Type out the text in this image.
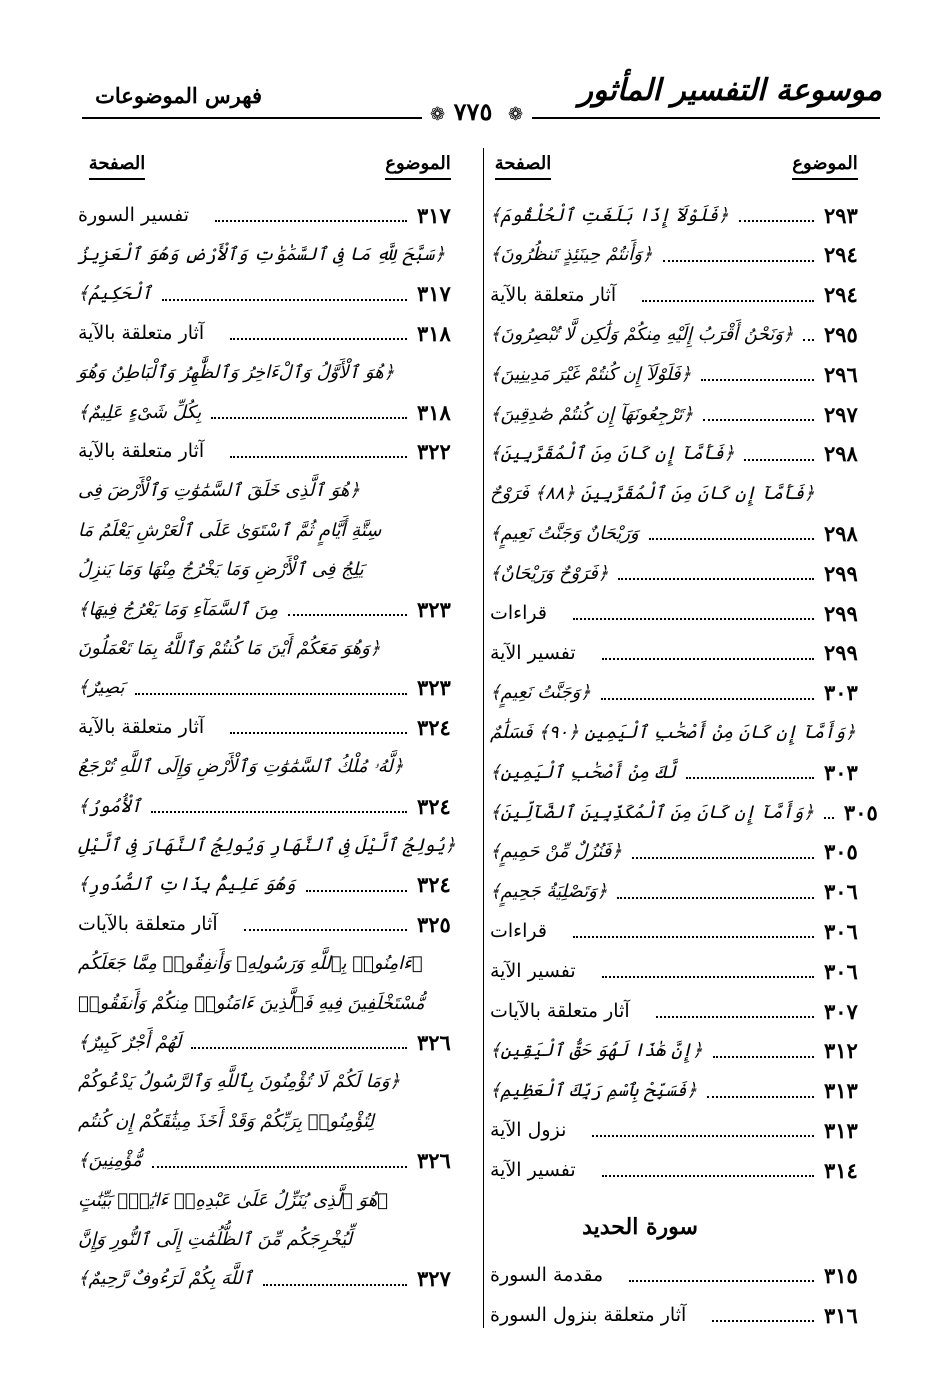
موسوعة التفسير المأثور
❁ ٧٧٥ ❁
فهرس الموضوعات
الموضوع
الصفحة
الموضوع
الصفحة
﴿فَلَوْلَآ إِذَا بَلَغَتِ ٱلْحُلْقُومَ﴾	٢٩٣
﴿وَأَنتُمْ حِينَئِذٍ تَنظُرُونَ﴾	٢٩٤
آثار متعلقة بالآية	٢٩٤
﴿وَنَحْنُ أَقْرَبُ إِلَيْهِ مِنكُمْ وَلَٰكِن لَّا تُبْصِرُونَ﴾ ٢٩٥
﴿فَلَوْلَآ إِن كُنتُمْ غَيْرَ مَدِينِينَ﴾	٢٩٦
﴿تَرْجِعُونَهَآ إِن كُنتُمْ صَٰدِقِينَ﴾	٢٩٧
﴿فَأَمَّآ إِن كَانَ مِنَ ٱلْمُقَرَّبِينَ﴾	٢٩٨
﴿فَأَمَّآ إِن كَانَ مِنَ ٱلْمُقَرَّبِينَ ﴿٨٨﴾ فَرَوْحٌ
وَرَيْحَانٌ وَجَنَّتُ نَعِيمٍ﴾	٢٩٨
﴿فَرَوْحٌ وَرَيْحَانٌ﴾	٢٩٩
قراءات	٢٩٩
تفسير الآية	٢٩٩
﴿وَجَنَّتُ نَعِيمٍ﴾	٣٠٣
﴿وَأَمَّآ إِن كَانَ مِنْ أَصْحَٰبِ ٱلْيَمِينِ ﴿٩٠﴾ فَسَلَٰمٌ
لَّكَ مِنْ أَصْحَٰبِ ٱلْيَمِينِ﴾	٣٠٣
﴿وَأَمَّآ إِن كَانَ مِنَ ٱلْمُكَذِّبِينَ ٱلضَّآلِّينَ﴾ ٣٠٥
﴿فَنُزُلٌ مِّنْ حَمِيمٍ﴾	٣٠٥
﴿وَتَصْلِيَةُ جَحِيمٍ﴾	٣٠٦
قراءات	٣٠٦
تفسير الآية	٣٠٦
آثار متعلقة بالآيات	٣٠٧
﴿إِنَّ هَٰذَا لَهُوَ حَقُّ ٱلْيَقِينِ﴾	٣١٢
﴿فَسَبِّحْ بِٱسْمِ رَبِّكَ ٱلْعَظِيمِ﴾	٣١٣
نزول الآية	٣١٣
تفسير الآية	٣١٤
سورة الحديد
مقدمة السورة	٣١٥
آثار متعلقة بنزول السورة	٣١٦
تفسير السورة	٣١٧
﴿سَبَّحَ لِلَّهِ مَا فِى ٱلسَّمَٰوَٰتِ وَٱلْأَرْضِ وَهُوَ ٱلْعَزِيزُ
ٱلْحَكِيمُ﴾	٣١٧
آثار متعلقة بالآية	٣١٨
﴿هُوَ ٱلْأَوَّلُ وَٱلْءَاخِرُ وَٱلظَّٰهِرُ وَٱلْبَاطِنُ وَهُوَ
بِكُلِّ شَىْءٍ عَلِيمٌ﴾	٣١٨
آثار متعلقة بالآية	٣٢٢
﴿هُوَ ٱلَّذِى خَلَقَ ٱلسَّمَٰوَٰتِ وَٱلْأَرْضَ فِى
سِتَّةِ أَيَّامٍ ثُمَّ ٱسْتَوَىٰ عَلَى ٱلْعَرْشِ يَعْلَمُ مَا
يَلِجُ فِى ٱلْأَرْضِ وَمَا يَخْرُجُ مِنْهَا وَمَا يَنزِلُ
مِنَ ٱلسَّمَآءِ وَمَا يَعْرُجُ فِيهَا﴾	٣٢٣
﴿وَهُوَ مَعَكُمْ أَيْنَ مَا كُنتُمْ وَٱللَّهُ بِمَا تَعْمَلُونَ
بَصِيرٌ﴾	٣٢٣
آثار متعلقة بالآية	٣٢٤
﴿لَّهُۥ مُلْكُ ٱلسَّمَٰوَٰتِ وَٱلْأَرْضِ وَإِلَى ٱللَّهِ تُرْجَعُ
ٱلْأُمُورُ﴾	٣٢٤
﴿يُولِجُ ٱلَّيْلَ فِى ٱلنَّهَارِ وَيُولِجُ ٱلنَّهَارَ فِى ٱلَّيْلِ
وَهُوَ عَلِيمٌۢ بِذَاتِ ٱلصُّدُورِ﴾	٣٢٤
آثار متعلقة بالآيات	٣٢٥
﴿ءَامِنُوا۟ بِٱللَّهِ وَرَسُولِهِۦ وَأَنفِقُوا۟ مِمَّا جَعَلَكُم
مُّسْتَخْلَفِينَ فِيهِ فَٱلَّذِينَ ءَامَنُوا۟ مِنكُمْ وَأَنفَقُوا۟
لَهُمْ أَجْرٌ كَبِيرٌ﴾	٣٢٦
﴿وَمَا لَكُمْ لَا تُؤْمِنُونَ بِٱللَّهِ وَٱلرَّسُولُ يَدْعُوكُمْ
لِتُؤْمِنُوا۟ بِرَبِّكُمْ وَقَدْ أَخَذَ مِيثَٰقَكُمْ إِن كُنتُم
مُّؤْمِنِينَ﴾	٣٢٦
﴿هُوَ ٱلَّذِى يُنَزِّلُ عَلَىٰ عَبْدِهِۦٓ ءَايَٰتٍۭ بَيِّنَٰتٍ
لِّيُخْرِجَكُم مِّنَ ٱلظُّلُمَٰتِ إِلَى ٱلنُّورِ وَإِنَّ
ٱللَّهَ بِكُمْ لَرَءُوفٌ رَّحِيمٌ﴾	٣٢٧
